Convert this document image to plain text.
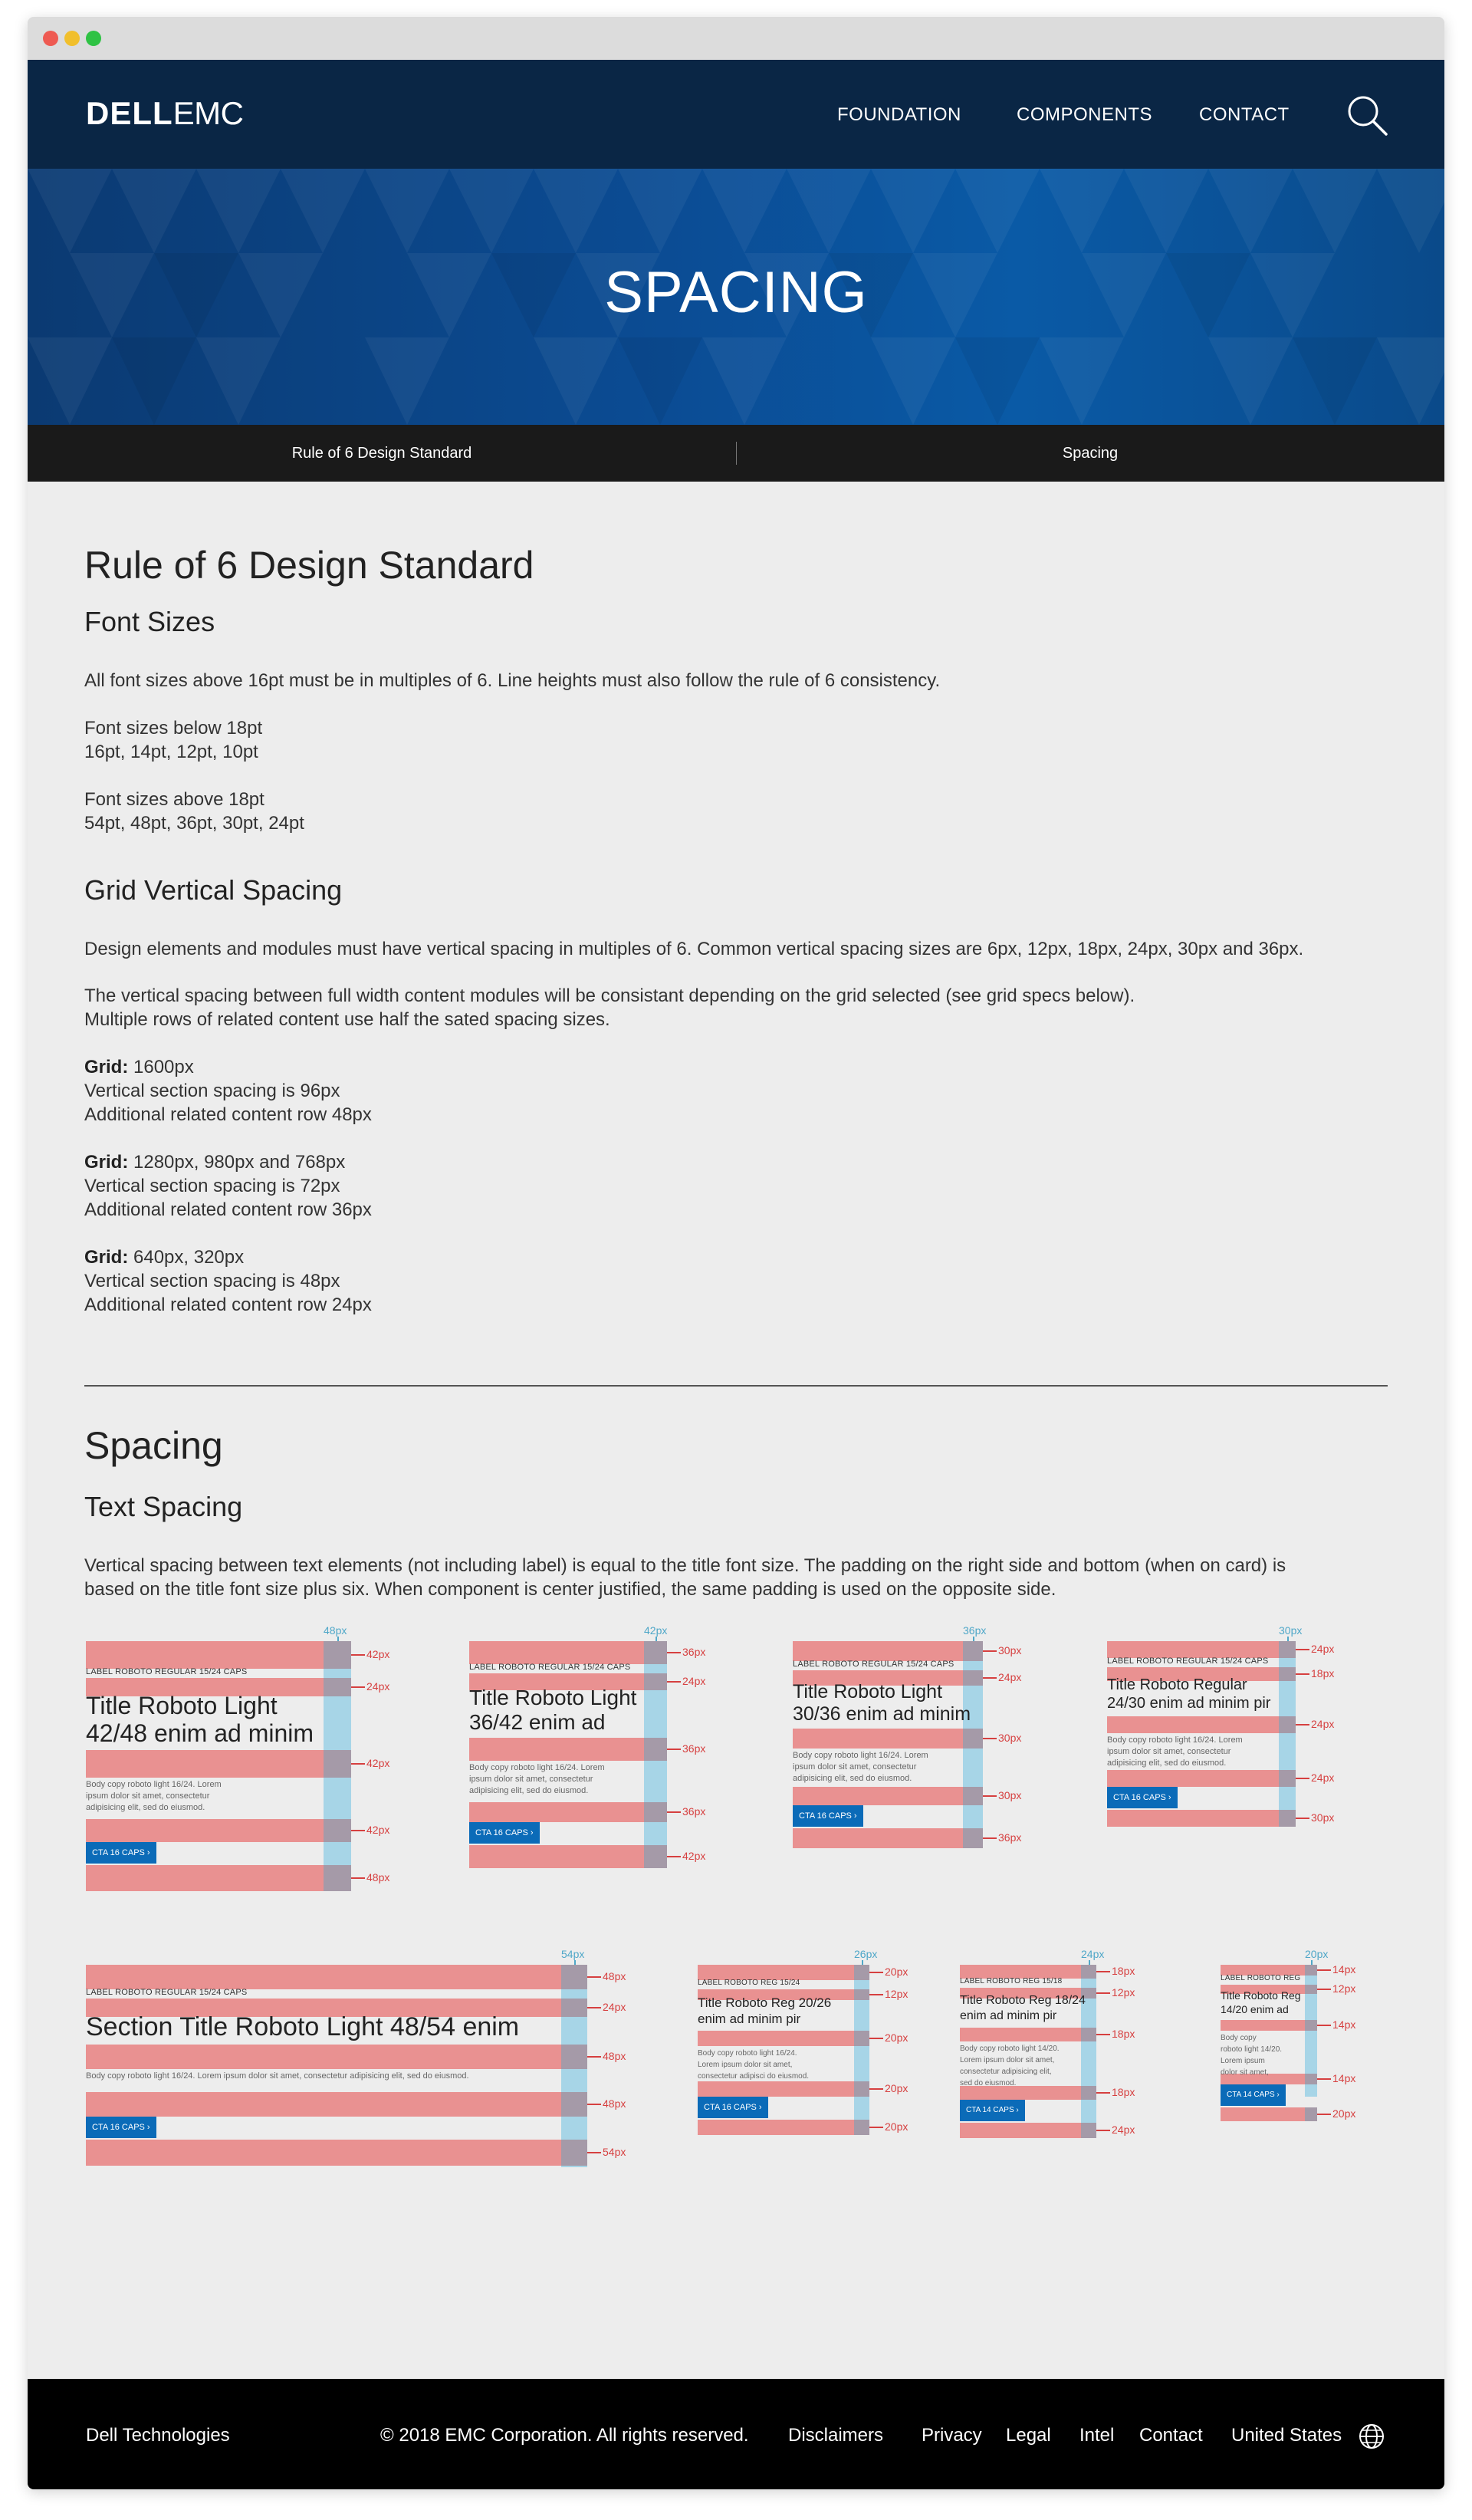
DELLEMC	FOUNDATION	COMPONENTS	CONTACT
SPACING
Rule of 6 Design Standard	Spacing
Rule of 6 Design Standard
Font Sizes
All font sizes above 16pt must be in multiples of 6. Line heights must also follow the rule of 6 consistency.
Font sizes below 18pt
16pt, 14pt, 12pt, 10pt
Font sizes above 18pt
54pt, 48pt, 36pt, 30pt, 24pt
Grid Vertical Spacing
Design elements and modules must have vertical spacing in multiples of 6. Common vertical spacing sizes are 6px, 12px, 18px, 24px, 30px and 36px.
The vertical spacing between full width content modules will be consistant depending on the grid selected (see grid specs below).
Multiple rows of related content use half the sated spacing sizes.
Grid: 1600px
Vertical section spacing is 96px
Additional related content row 48px
Grid: 1280px, 980px and 768px
Vertical section spacing is 72px
Additional related content row 36px
Grid: 640px, 320px
Vertical section spacing is 48px
Additional related content row 24px
Spacing
Text Spacing
Vertical spacing between text elements (not including label) is equal to the title font size. The padding on the right side and bottom (when on card) is
based on the title font size plus six. When component is center justified, the same padding is used on the opposite side.
48px
42px
24px
42px
42px
48px
LABEL ROBOTO REGULAR 15/24 CAPS
Title Roboto Light
42/48 enim ad minim
Body copy roboto light 16/24. Lorem
ipsum dolor sit amet, consectetur
adipisicing elit, sed do eiusmod.
CTA 16 CAPS ›
42px
36px
24px
36px
36px
42px
LABEL ROBOTO REGULAR 15/24 CAPS
Title Roboto Light
36/42 enim ad
Body copy roboto light 16/24. Lorem
ipsum dolor sit amet, consectetur
adipisicing elit, sed do eiusmod.
CTA 16 CAPS ›
36px
30px
24px
30px
30px
36px
LABEL ROBOTO REGULAR 15/24 CAPS
Title Roboto Light
30/36 enim ad minim
Body copy roboto light 16/24. Lorem
ipsum dolor sit amet, consectetur
adipisicing elit, sed do eiusmod.
CTA 16 CAPS ›
30px
24px
18px
24px
24px
30px
LABEL ROBOTO REGULAR 15/24 CAPS
Title Roboto Regular
24/30 enim ad minim pir
Body copy roboto light 16/24. Lorem
ipsum dolor sit amet, consectetur
adipisicing elit, sed do eiusmod.
CTA 16 CAPS ›
54px
48px
24px
48px
48px
54px
LABEL ROBOTO REGULAR 15/24 CAPS
Section Title Roboto Light 48/54 enim
Body copy roboto light 16/24. Lorem ipsum dolor sit amet, consectetur adipisicing elit, sed do eiusmod.
CTA 16 CAPS ›
26px
20px
12px
20px
20px
20px
LABEL ROBOTO REG 15/24
Title Roboto Reg 20/26
enim ad minim pir
Body copy roboto light 16/24.
Lorem ipsum dolor sit amet,
consectetur adipisci do eiusmod.
CTA 16 CAPS ›
24px
18px
12px
18px
18px
24px
LABEL ROBOTO REG 15/18
Title Roboto Reg 18/24
enim ad minim pir
Body copy roboto light 14/20.
Lorem ipsum dolor sit amet,
consectetur adipisicing elit,
sed do eiusmod.
CTA 14 CAPS ›
20px
14px
12px
14px
14px
20px
LABEL ROBOTO REG
Title Roboto Reg
14/20 enim ad
Body copy
roboto light 14/20.
Lorem ipsum
dolor sit amet,
CTA 14 CAPS ›
Dell Technologies	© 2018 EMC Corporation. All rights reserved. Disclaimers Privacy Legal Intel Contact United States
